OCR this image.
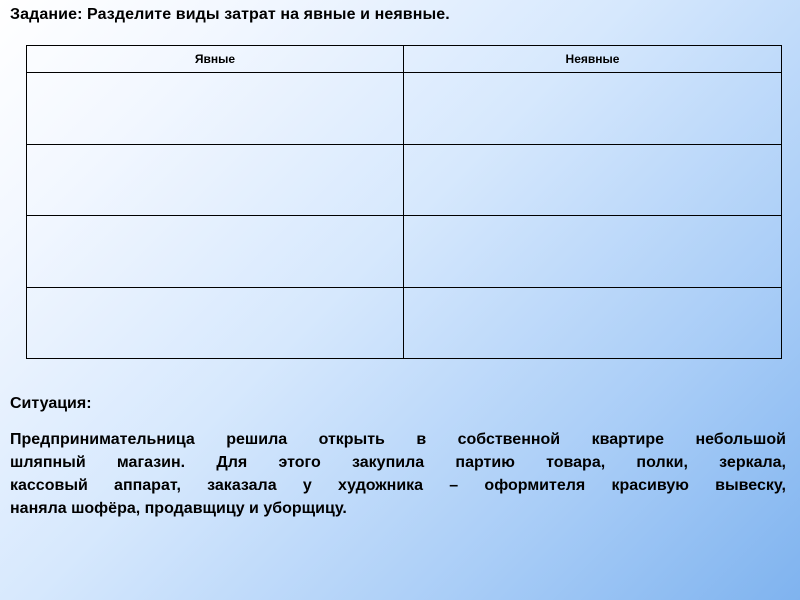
Задание: Разделите виды затрат на явные и неявные.
Явные	Неявные

Ситуация:
Предпринимательница решила открыть в собственной квартире небольшой
шляпный магазин. Для этого закупила партию товара, полки, зеркала,
кассовый аппарат, заказала у художника – оформителя красивую вывеску,
наняла шофёра, продавщицу и уборщицу.
